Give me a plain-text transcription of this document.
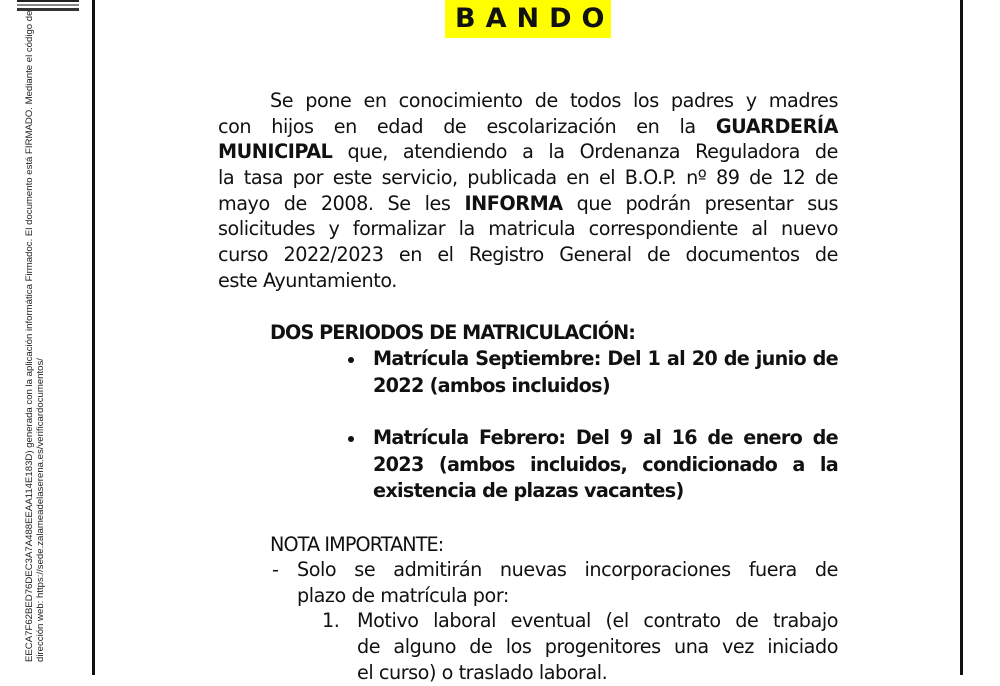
EECA7F62BED76DEC3A7A488EEAA114E183D) generada con la aplicación informática Firmadoc. El documento está FIRMADO. Mediante el código de dirección web: https://sede.zalameadelaserena.es/verificardocumentos/
BANDO
Se pone en conocimiento de todos los padres y madres
con hijos en edad de escolarización en la GUARDERÍA
MUNICIPAL que, atendiendo a la Ordenanza Reguladora de
la tasa por este servicio, publicada en el B.O.P. nº 89 de 12 de
mayo de 2008. Se les INFORMA que podrán presentar sus
solicitudes y formalizar la matricula correspondiente al nuevo
curso 2022/2023 en el Registro General de documentos de
este Ayuntamiento.
DOS PERIODOS DE MATRICULACIÓN:
Matrícula Septiembre: Del 1 al 20 de junio de
2022 (ambos incluidos)
Matrícula Febrero: Del 9 al 16 de enero de
2023 (ambos incluidos, condicionado a la
existencia de plazas vacantes)
NOTA IMPORTANTE:
- Solo se admitirán nuevas incorporaciones fuera de
plazo de matrícula por:
1. Motivo laboral eventual (el contrato de trabajo
de alguno de los progenitores una vez iniciado
el curso) o traslado laboral.
